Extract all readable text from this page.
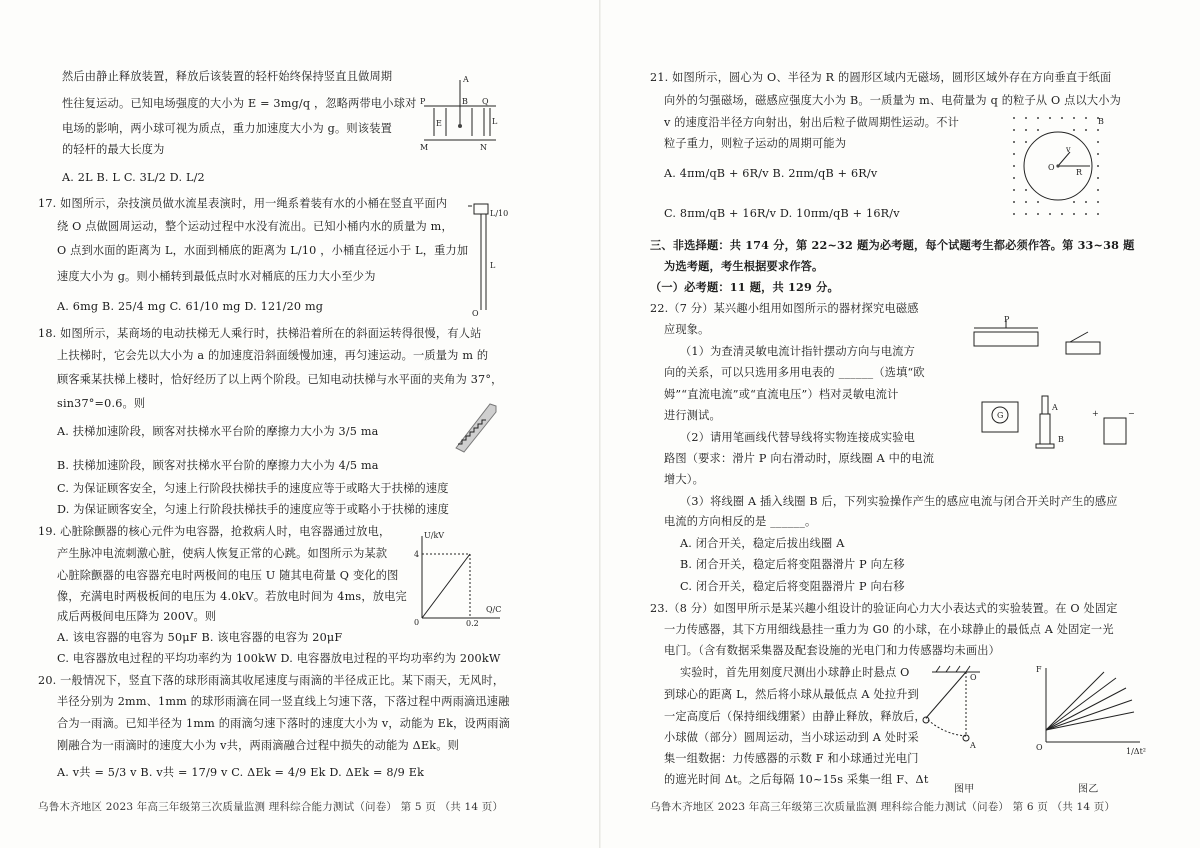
然后由静止释放装置，释放后该装置的轻杆始终保持竖直且做周期
性往复运动。已知电场强度的大小为 E = 3mg/q ，忽略两带电小球对
电场的影响，两小球可视为质点，重力加速度大小为 g。则该装置
的轻杆的最大长度为
A. 2L B. L C. 3L/2 D. L/2
17. 如图所示，杂技演员做水流星表演时，用一绳系着装有水的小桶在竖直平面内
绕 O 点做圆周运动，整个运动过程中水没有流出。已知小桶内水的质量为 m，
O 点到水面的距离为 L，水面到桶底的距离为 L/10 ，小桶直径远小于 L，重力加
速度大小为 g。则小桶转到最低点时水对桶底的压力大小至少为
A. 6mg B. 25/4 mg C. 61/10 mg D. 121/20 mg
18. 如图所示，某商场的电动扶梯无人乘行时，扶梯沿着所在的斜面运转得很慢，有人站
上扶梯时，它会先以大小为 a 的加速度沿斜面缓慢加速，再匀速运动。一质量为 m 的
顾客乘某扶梯上楼时，恰好经历了以上两个阶段。已知电动扶梯与水平面的夹角为 37°，
sin37°=0.6。则
A. 扶梯加速阶段，顾客对扶梯水平台阶的摩擦力大小为 3/5 ma
B. 扶梯加速阶段，顾客对扶梯水平台阶的摩擦力大小为 4/5 ma
C. 为保证顾客安全，匀速上行阶段扶梯扶手的速度应等于或略大于扶梯的速度
D. 为保证顾客安全，匀速上行阶段扶梯扶手的速度应等于或略小于扶梯的速度
19. 心脏除颤器的核心元件为电容器，抢救病人时，电容器通过放电，
产生脉冲电流刺激心脏，使病人恢复正常的心跳。如图所示为某款
心脏除颤器的电容器充电时两极间的电压 U 随其电荷量 Q 变化的图
像，充满电时两极板间的电压为 4.0kV。若放电时间为 4ms，放电完
成后两极间电压降为 200V。则
A. 该电容器的电容为 50μF B. 该电容器的电容为 20μF
C. 电容器放电过程的平均功率约为 100kW D. 电容器放电过程的平均功率约为 200kW
20. 一般情况下，竖直下落的球形雨滴其收尾速度与雨滴的半径成正比。某下雨天，无风时，
半径分别为 2mm、1mm 的球形雨滴在同一竖直线上匀速下落，下落过程中两雨滴迅速融
合为一雨滴。已知半径为 1mm 的雨滴匀速下落时的速度大小为 v，动能为 Ek，设两雨滴
刚融合为一雨滴时的速度大小为 v共，两雨滴融合过程中损失的动能为 ΔEk。则
A. v共 = 5/3 v B. v共 = 17/9 v C. ΔEk = 4/9 Ek D. ΔEk = 8/9 Ek
乌鲁木齐地区 2023 年高三年级第三次质量监测 理科综合能力测试（问卷） 第 5 页 （共 14 页）
A
P	B Q
E	L
M	N
L
L/10
O
U/kV
4
Q/C
0	0.2
21. 如图所示，圆心为 O、半径为 R 的圆形区域内无磁场，圆形区域外存在方向垂直于纸面
向外的匀强磁场，磁感应强度大小为 B。一质量为 m、电荷量为 q 的粒子从 O 点以大小为
v 的速度沿半径方向射出，射出后粒子做周期性运动。不计
粒子重力，则粒子运动的周期可能为
A. 4πm/qB + 6R/v B. 2πm/qB + 6R/v
C. 8πm/qB + 16R/v D. 10πm/qB + 16R/v
三、非选择题：共 174 分，第 22~32 题为必考题，每个试题考生都必须作答。第 33~38 题
为选考题，考生根据要求作答。
（一）必考题：11 题，共 129 分。
22.（7 分）某兴趣小组用如图所示的器材探究电磁感
应现象。
（1）为查清灵敏电流计指针摆动方向与电流方
向的关系，可以只选用多用电表的 ______（选填“欧
姆”“直流电流”或“直流电压”）档对灵敏电流计
进行测试。
（2）请用笔画线代替导线将实物连接成实验电
路图（要求：滑片 P 向右滑动时，原线圈 A 中的电流
增大）。
（3）将线圈 A 插入线圈 B 后，下列实验操作产生的感应电流与闭合开关时产生的感应
电流的方向相反的是 ______。
A. 闭合开关，稳定后拔出线圈 A
B. 闭合开关，稳定后将变阻器滑片 P 向左移
C. 闭合开关，稳定后将变阻器滑片 P 向右移
23.（8 分）如图甲所示是某兴趣小组设计的验证向心力大小表达式的实验装置。在 O 处固定
一力传感器，其下方用细线悬挂一重力为 G0 的小球，在小球静止的最低点 A 处固定一光
电门。（含有数据采集器及配套设施的光电门和力传感器均未画出）
实验时，首先用刻度尺测出小球静止时悬点 O
到球心的距离 L，然后将小球从最低点 A 处拉升到
一定高度后（保持细线绷紧）由静止释放，释放后，
小球做（部分）圆周运动，当小球运动到 A 处时采
集一组数据：力传感器的示数 F 和小球通过光电门
的遮光时间 Δt。之后每隔 10~15s 采集一组 F、Δt
乌鲁木齐地区 2023 年高三年级第三次质量监测 理科综合能力测试（问卷） 第 6 页 （共 14 页）
B
O
v
R
P
G
A
B
+	−
O
A
图甲
F
1/Δt²
O
图乙
